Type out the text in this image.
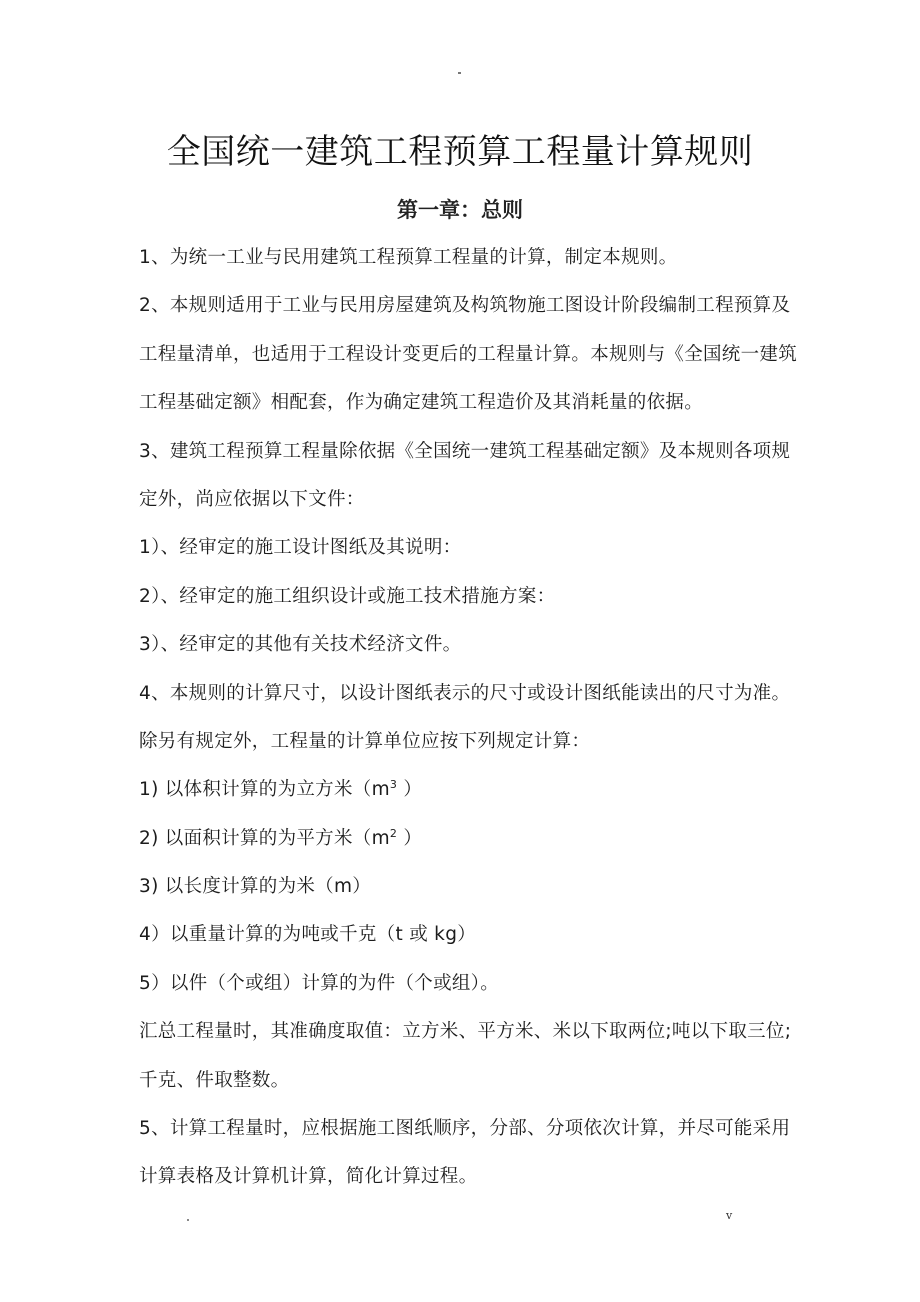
全国统一建筑工程预算工程量计算规则
第一章：总则
1、为统一工业与民用建筑工程预算工程量的计算，制定本规则。
2、本规则适用于工业与民用房屋建筑及构筑物施工图设计阶段编制工程预算及
工程量清单，也适用于工程设计变更后的工程量计算。本规则与《全国统一建筑
工程基础定额》相配套，作为确定建筑工程造价及其消耗量的依据。
3、建筑工程预算工程量除依据《全国统一建筑工程基础定额》及本规则各项规
定外，尚应依据以下文件：
1）、经审定的施工设计图纸及其说明：
2）、经审定的施工组织设计或施工技术措施方案：
3）、经审定的其他有关技术经济文件。
4、本规则的计算尺寸，以设计图纸表示的尺寸或设计图纸能读出的尺寸为准。
除另有规定外，工程量的计算单位应按下列规定计算：
1) 以体积计算的为立方米（$m^3$ ）
2) 以面积计算的为平方米（$m^2$ ）
3) 以长度计算的为米（m）
4）以重量计算的为吨或千克（t 或 kg）
5）以件（个或组）计算的为件（个或组）。
汇总工程量时，其准确度取值：立方米、平方米、米以下取两位;吨以下取三位;
千克、件取整数。
5、计算工程量时，应根据施工图纸顺序，分部、分项依次计算，并尽可能采用
计算表格及计算机计算，简化计算过程。
v
